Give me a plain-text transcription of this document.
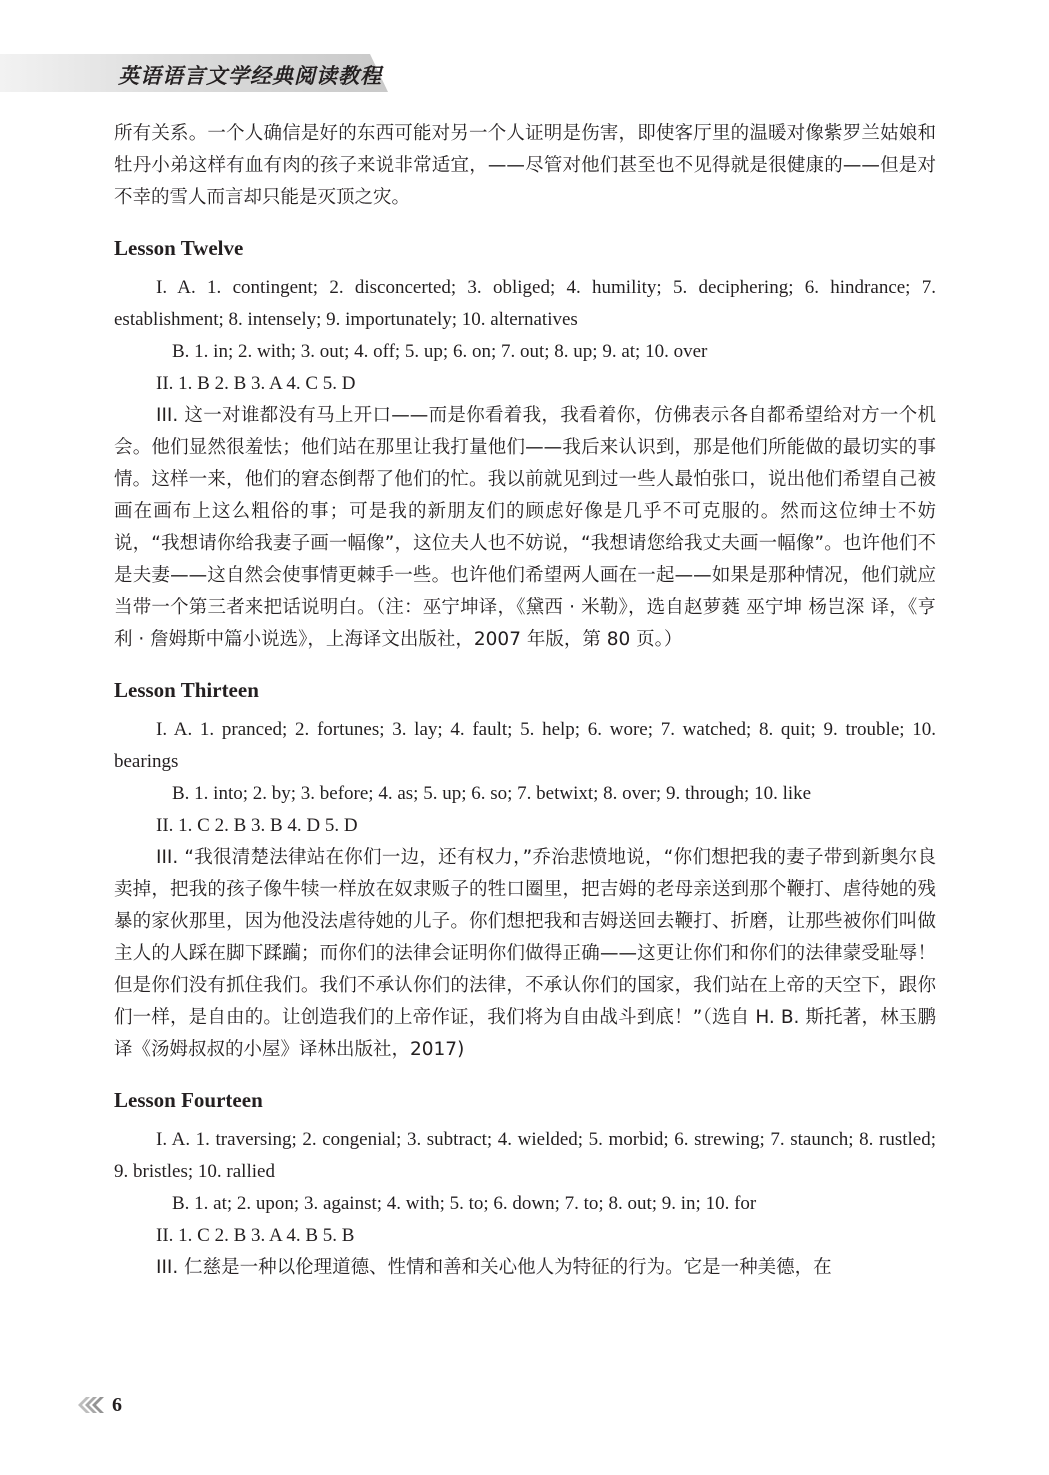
英语语言文学经典阅读教程

所有关系。一个人确信是好的东西可能对另一个人证明是伤害，即使客厅里的温暖对像紫罗兰姑娘和牡丹小弟这样有血有肉的孩子来说非常适宜，——尽管对他们甚至也不见得就是很健康的——但是对不幸的雪人而言却只能是灭顶之灾。

Lesson Twelve

I. A. 1. contingent; 2. disconcerted; 3. obliged; 4. humility; 5. deciphering; 6. hindrance; 7. establishment; 8. intensely; 9. importunately; 10. alternatives

B. 1. in; 2. with; 3. out; 4. off; 5. up; 6. on; 7. out; 8. up; 9. at; 10. over

II. 1. B 2. B 3. A 4. C 5. D

III. 这一对谁都没有马上开口——而是你看着我，我看着你，仿佛表示各自都希望给对方一个机会。他们显然很羞怯；他们站在那里让我打量他们——我后来认识到，那是他们所能做的最切实的事情。这样一来，他们的窘态倒帮了他们的忙。我以前就见到过一些人最怕张口，说出他们希望自己被画在画布上这么粗俗的事；可是我的新朋友们的顾虑好像是几乎不可克服的。然而这位绅士不妨说，“我想请你给我妻子画一幅像”，这位夫人也不妨说，“我想请您给我丈夫画一幅像”。也许他们不是夫妻——这自然会使事情更棘手一些。也许他们希望两人画在一起——如果是那种情况，他们就应当带一个第三者来把话说明白。（注：巫宁坤译，《黛西 · 米勒》，选自赵萝蕤 巫宁坤 杨岂深 译，《亨利 · 詹姆斯中篇小说选》，上海译文出版社，2007 年版，第 80 页。）

Lesson Thirteen

I. A. 1. pranced; 2. fortunes; 3. lay; 4. fault; 5. help; 6. wore; 7. watched; 8. quit; 9. trouble; 10. bearings

B. 1. into; 2. by; 3. before; 4. as; 5. up; 6. so; 7. betwixt; 8. over; 9. through; 10. like

II. 1. C 2. B 3. B 4. D 5. D

III. “我很清楚法律站在你们一边，还有权力，”乔治悲愤地说，“你们想把我的妻子带到新奥尔良卖掉，把我的孩子像牛犊一样放在奴隶贩子的牲口圈里，把吉姆的老母亲送到那个鞭打、虐待她的残暴的家伙那里，因为他没法虐待她的儿子。你们想把我和吉姆送回去鞭打、折磨，让那些被你们叫做主人的人踩在脚下蹂躏；而你们的法律会证明你们做得正确——这更让你们和你们的法律蒙受耻辱！但是你们没有抓住我们。我们不承认你们的法律，不承认你们的国家，我们站在上帝的天空下，跟你们一样，是自由的。让创造我们的上帝作证，我们将为自由战斗到底！”（选自 H. B. 斯托著，林玉鹏译《汤姆叔叔的小屋》译林出版社，2017)

Lesson Fourteen

I. A. 1. traversing; 2. congenial; 3. subtract; 4. wielded; 5. morbid; 6. strewing; 7. staunch; 8. rustled; 9. bristles; 10. rallied

B. 1. at; 2. upon; 3. against; 4. with; 5. to; 6. down; 7. to; 8. out; 9. in; 10. for

II. 1. C 2. B 3. A 4. B 5. B

III. 仁慈是一种以伦理道德、性情和善和关心他人为特征的行为。它是一种美德，在

6
